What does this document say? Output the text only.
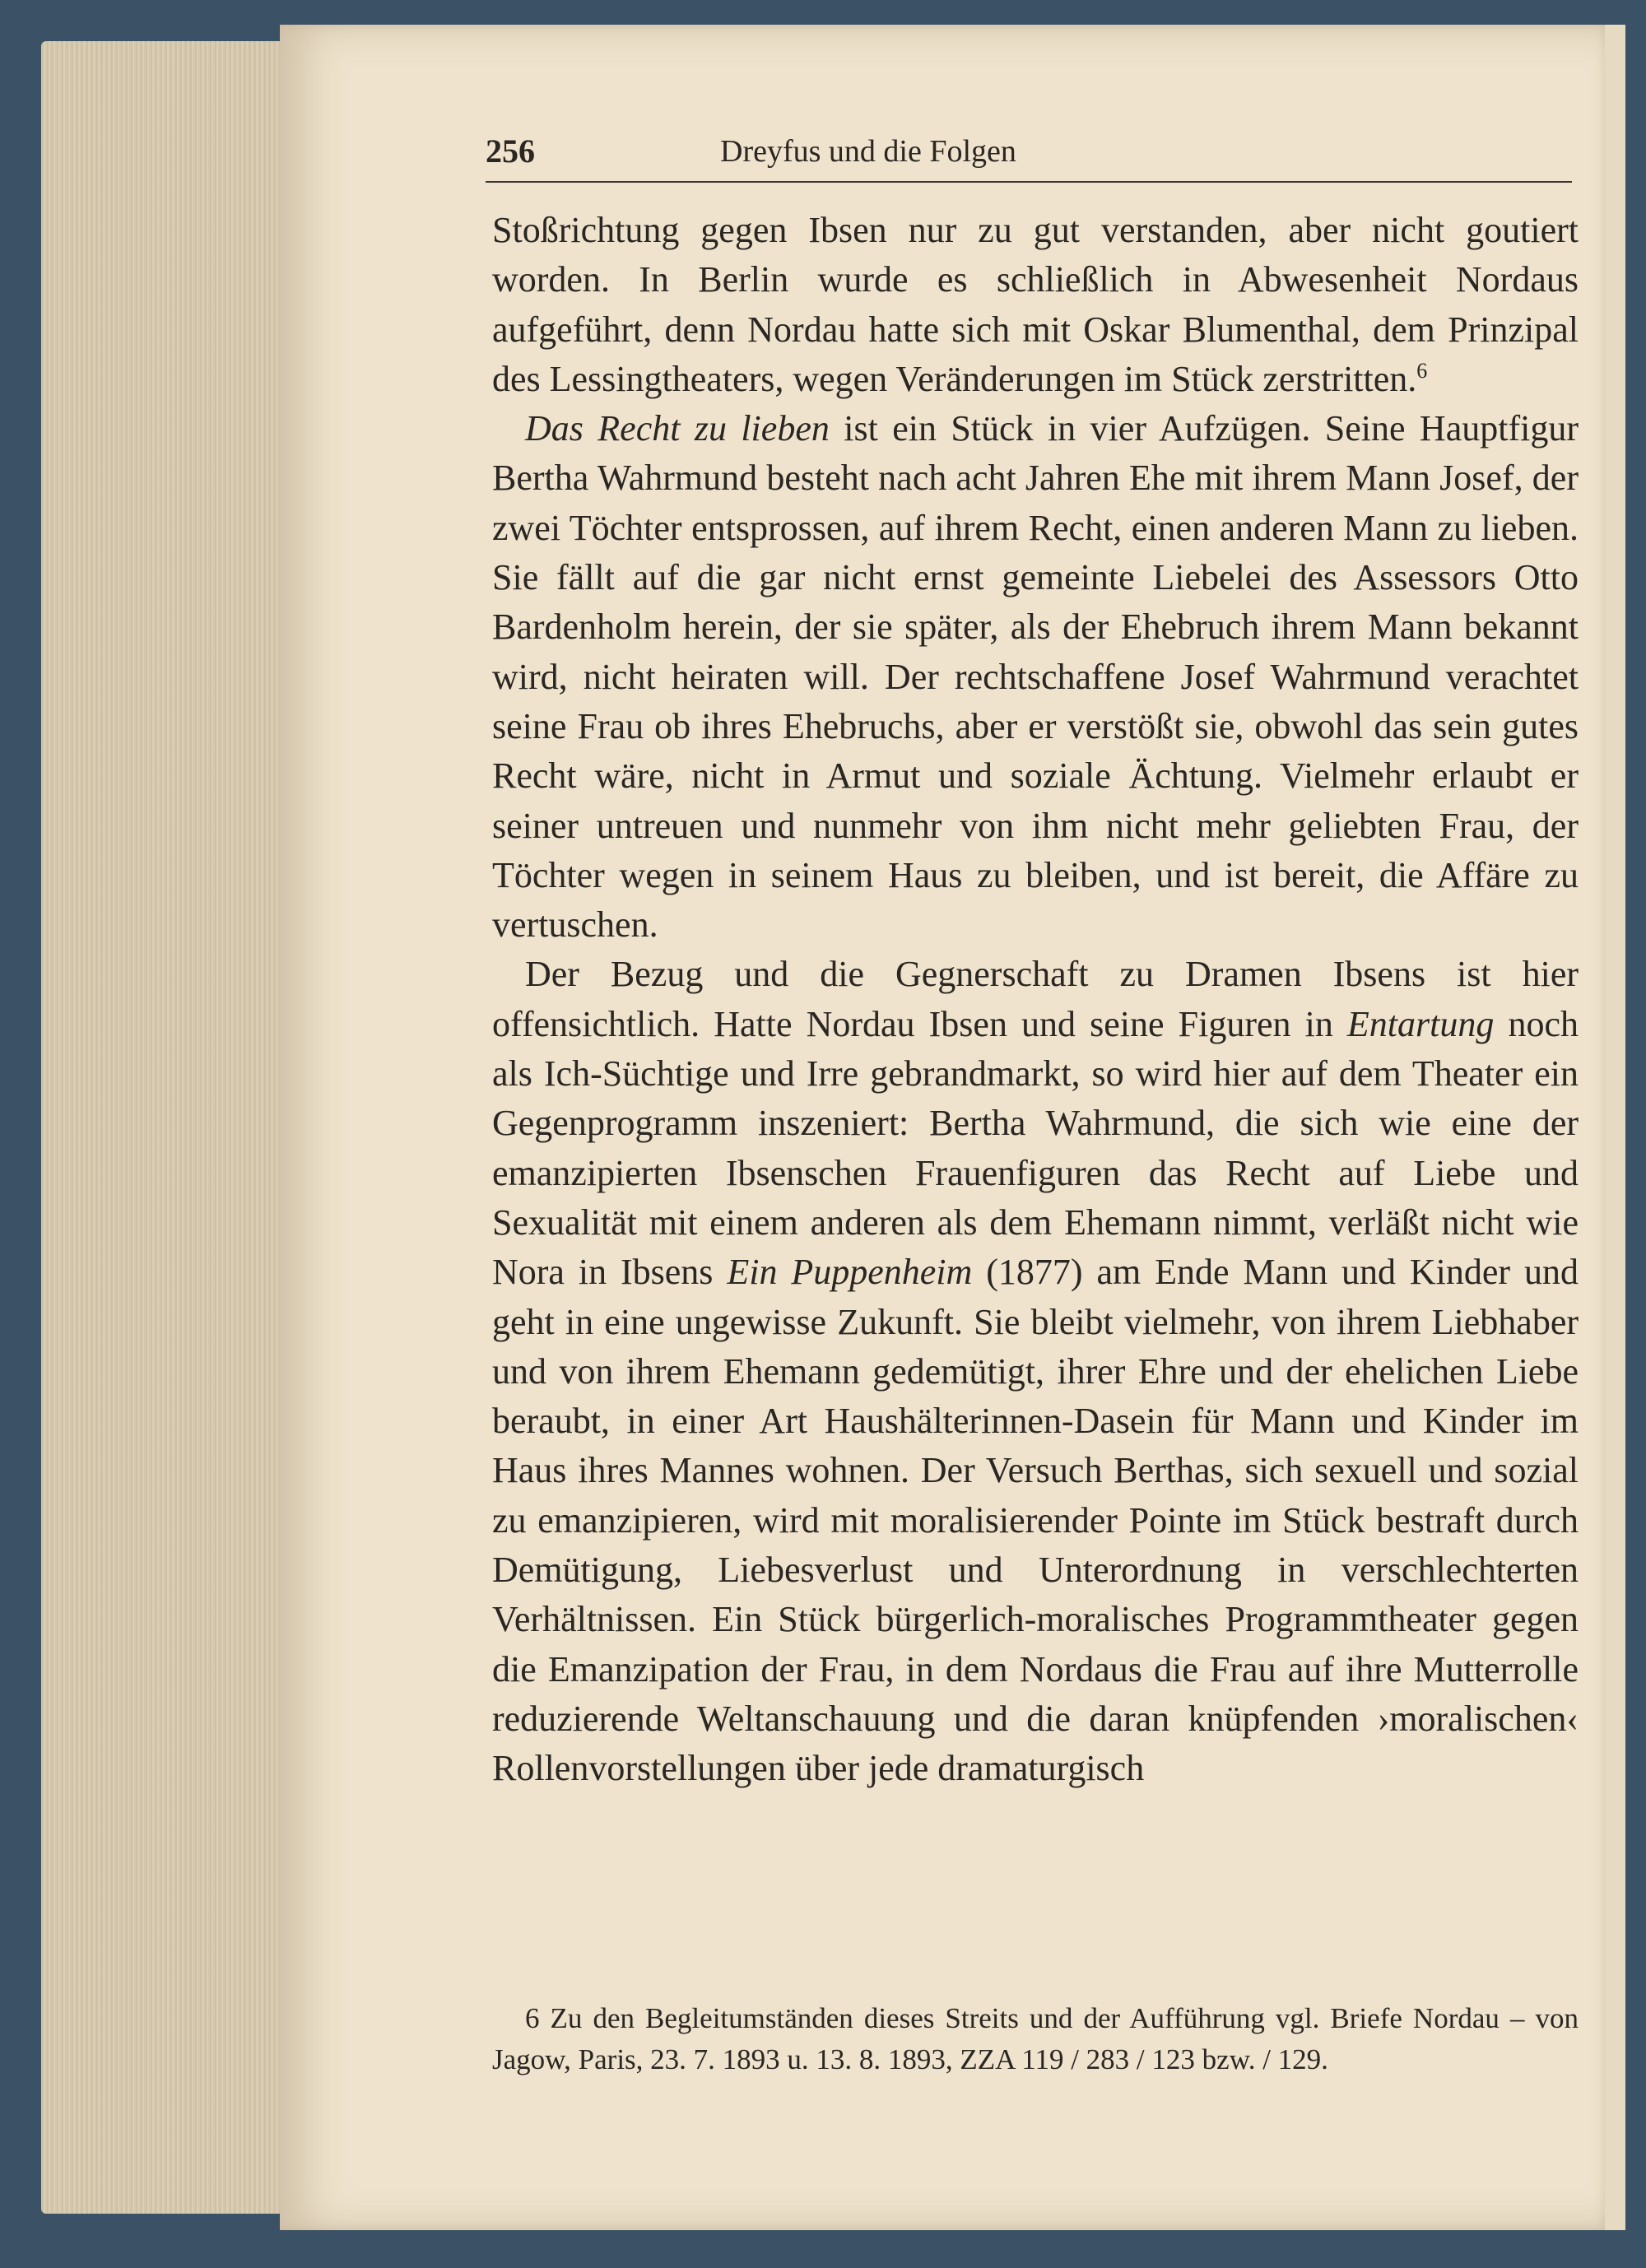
256	Dreyfus und die Folgen

Stoßrichtung gegen Ibsen nur zu gut verstanden, aber nicht goutiert worden. In Berlin wurde es schließlich in Abwesenheit Nordaus aufgeführt, denn Nordau hatte sich mit Oskar Blumenthal, dem Prinzipal des Lessingtheaters, wegen Veränderungen im Stück zerstritten.$^6$

Das Recht zu lieben ist ein Stück in vier Aufzügen. Seine Hauptfigur Bertha Wahrmund besteht nach acht Jahren Ehe mit ihrem Mann Josef, der zwei Töchter entsprossen, auf ihrem Recht, einen anderen Mann zu lieben. Sie fällt auf die gar nicht ernst gemeinte Liebelei des Assessors Otto Bardenholm herein, der sie später, als der Ehebruch ihrem Mann bekannt wird, nicht heiraten will. Der rechtschaffene Josef Wahrmund verachtet seine Frau ob ihres Ehebruchs, aber er verstößt sie, obwohl das sein gutes Recht wäre, nicht in Armut und soziale Ächtung. Vielmehr erlaubt er seiner untreuen und nunmehr von ihm nicht mehr geliebten Frau, der Töchter wegen in seinem Haus zu bleiben, und ist bereit, die Affäre zu vertuschen.

Der Bezug und die Gegnerschaft zu Dramen Ibsens ist hier offensichtlich. Hatte Nordau Ibsen und seine Figuren in Entartung noch als Ich-Süchtige und Irre gebrandmarkt, so wird hier auf dem Theater ein Gegenprogramm inszeniert: Bertha Wahrmund, die sich wie eine der emanzipierten Ibsenschen Frauenfiguren das Recht auf Liebe und Sexualität mit einem anderen als dem Ehemann nimmt, verläßt nicht wie Nora in Ibsens Ein Puppenheim (1877) am Ende Mann und Kinder und geht in eine ungewisse Zukunft. Sie bleibt vielmehr, von ihrem Liebhaber und von ihrem Ehemann gedemütigt, ihrer Ehre und der ehelichen Liebe beraubt, in einer Art Haushälterinnen-Dasein für Mann und Kinder im Haus ihres Mannes wohnen. Der Versuch Berthas, sich sexuell und sozial zu emanzipieren, wird mit moralisierender Pointe im Stück bestraft durch Demütigung, Liebesverlust und Unterordnung in verschlechterten Verhältnissen. Ein Stück bürgerlich-moralisches Programmtheater gegen die Emanzipation der Frau, in dem Nordaus die Frau auf ihre Mutterrolle reduzierende Weltanschauung und die daran knüpfenden ›moralischen‹ Rollenvorstellungen über jede dramaturgisch

6 Zu den Begleitumständen dieses Streits und der Aufführung vgl. Briefe Nordau – von Jagow, Paris, 23. 7. 1893 u. 13. 8. 1893, ZZA 119 / 283 / 123 bzw. / 129.
